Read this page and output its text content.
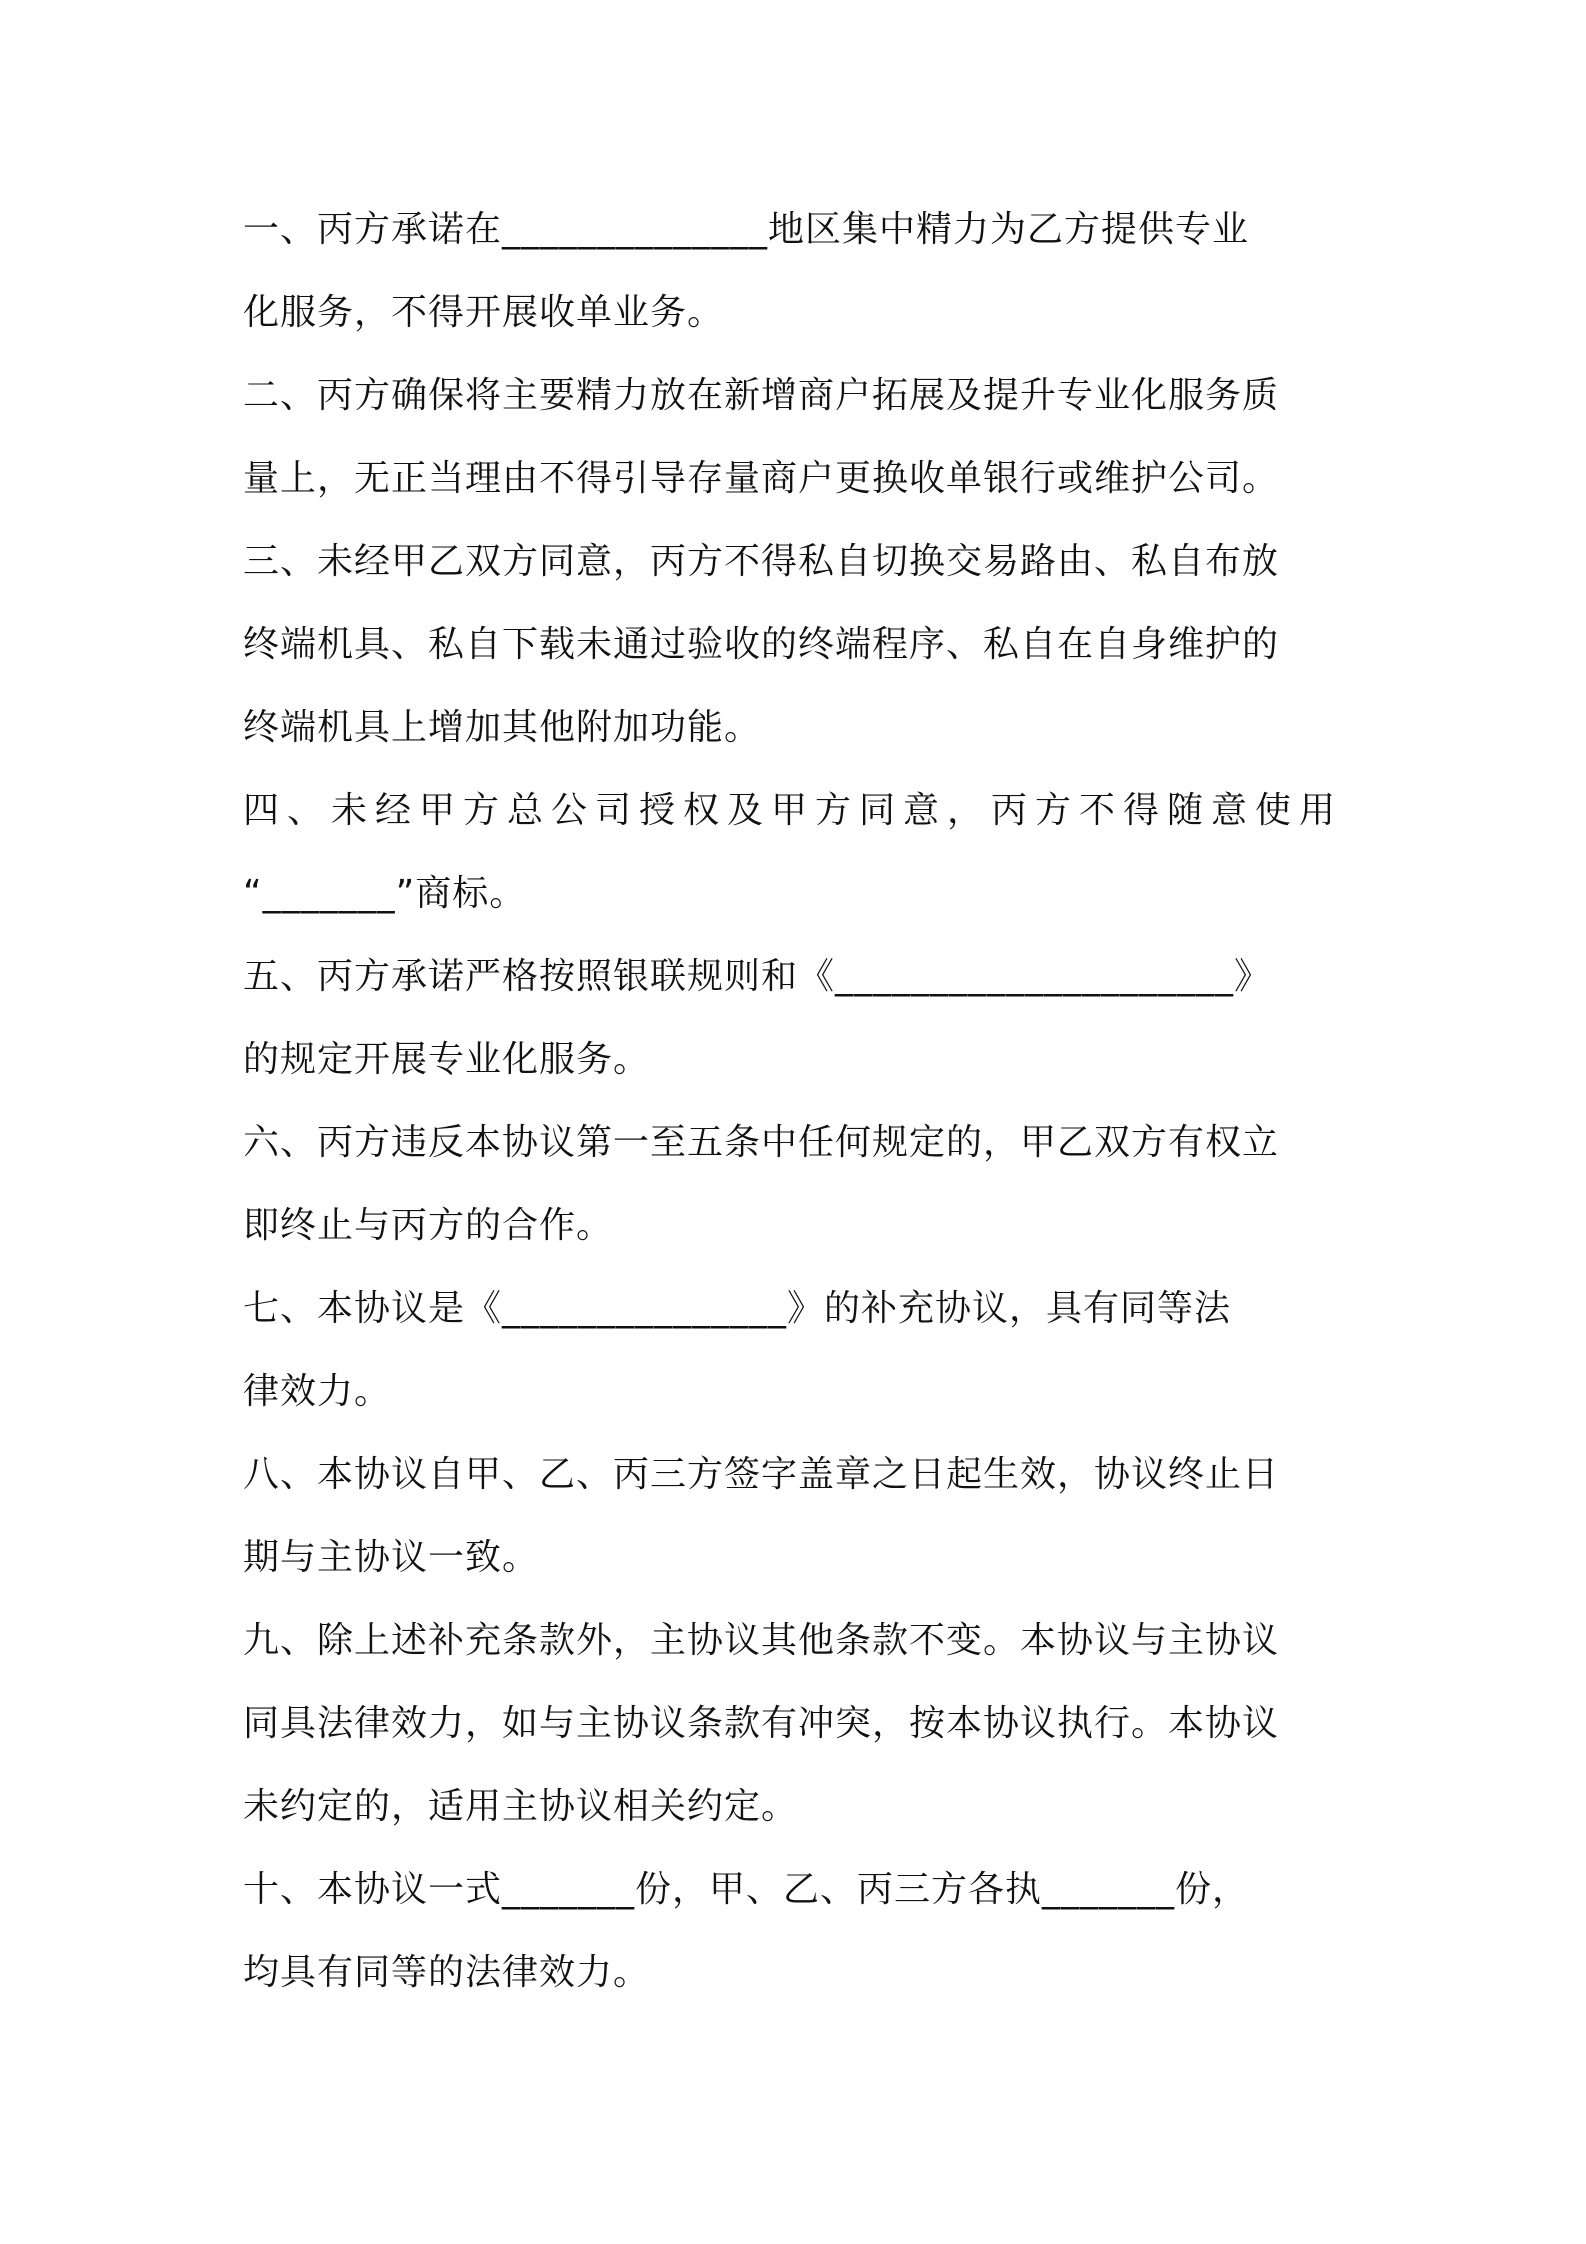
一、丙方承诺在______________地区集中精力为乙方提供专业
化服务，不得开展收单业务。
二、丙方确保将主要精力放在新增商户拓展及提升专业化服务质
量上，无正当理由不得引导存量商户更换收单银行或维护公司。
三、未经甲乙双方同意，丙方不得私自切换交易路由、私自布放
终端机具、私自下载未通过验收的终端程序、私自在自身维护的
终端机具上增加其他附加功能。
四、未经甲方总公司授权及甲方同意，丙方不得随意使用
“_______”商标。
五、丙方承诺严格按照银联规则和《_____________________》
的规定开展专业化服务。
六、丙方违反本协议第一至五条中任何规定的，甲乙双方有权立
即终止与丙方的合作。
七、本协议是《_______________》的补充协议，具有同等法
律效力。
八、本协议自甲、乙、丙三方签字盖章之日起生效，协议终止日
期与主协议一致。
九、除上述补充条款外，主协议其他条款不变。本协议与主协议
同具法律效力，如与主协议条款有冲突，按本协议执行。本协议
未约定的，适用主协议相关约定。
十、本协议一式_______份，甲、乙、丙三方各执_______份，
均具有同等的法律效力。
